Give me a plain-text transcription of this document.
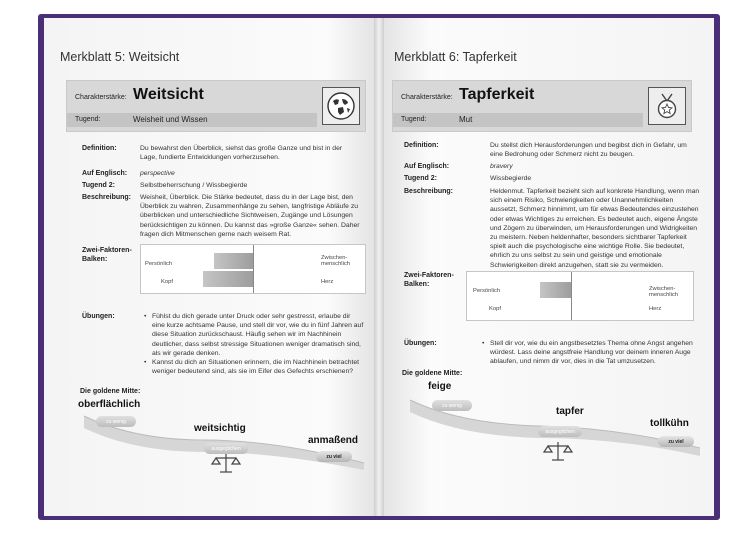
Merkblatt 5: Weitsicht
Charakterstärke: Weitsicht
Tugend:	Weisheit und Wissen
Definition:	Du bewahrst den Überblick, siehst das große Ganze und bist in der Lage, fundierte Entwicklungen vorherzusehen.
Auf Englisch: perspective
Tugend 2:	Selbstbeherrschung / Wissbegierde
Beschreibung: Weisheit, Überblick. Die Stärke bedeutet, dass du in der Lage bist, den Überblick zu wahren, Zusammenhänge zu sehen, langfristige Abläufe zu überblicken und unterschiedliche Sichtweisen, Zugänge und Lösungen berücksichtigen zu können. Du kannst das »große Ganze« sehen. Daher fragen dich Mitmenschen gerne nach weisem Rat.
Zwei-Faktoren-Balken:
Persönlich
Kopf
Zwischen-menschlich
Herz
Übungen:	• Fühlst du dich gerade unter Druck oder sehr gestresst, erlaube dir eine kurze achtsame Pause, und stell dir vor, wie du in fünf Jahren auf diese Situation zurückschaust. Häufig sehen wir im Nachhinein deutlicher, dass selbst stressige Situationen weniger dramatisch sind, als wir gerade denken.
• Kannst du dich an Situationen erinnern, die im Nachhinein betrachtet weniger bedeutend sind, als sie im Eifer des Gefechts erschienen?
Die goldene Mitte:
oberflächlich
weitsichtig
anmaßend
zu wenig
ausgeglichen
zu viel
Merkblatt 6: Tapferkeit
Charakterstärke: Tapferkeit
Tugend:	Mut
Definition:	Du stellst dich Herausforderungen und begibst dich in Gefahr, um eine Bedrohung oder Schmerz nicht zu beugen.
Auf Englisch:	bravery
Tugend 2:	Wissbegierde
Beschreibung:	Heldenmut. Tapferkeit bezieht sich auf konkrete Handlung, wenn man sich einem Risiko, Schwierigkeiten oder Unannehmlichkeiten aussetzt, Schmerz hinnimmt, um für etwas Bedeutendes einzustehen oder etwas Wichtiges zu erreichen. Es bedeutet auch, eigene Ängste und Zögern zu überwinden, um Herausforderungen und Widrigkeiten zu meistern. Neben heldenhafter, besonders sichtbarer Tapferkeit spielt auch die psychologische eine wichtige Rolle. Sie bedeutet, ehrlich zu uns selbst zu sein und geistige und emotionale Schwierigkeiten direkt anzugehen, statt sie zu vermeiden.
Zwei-Faktoren-Balken:
Persönlich
Kopf
Zwischen-menschlich
Herz
Übungen:	• Stell dir vor, wie du ein angstbesetztes Thema ohne Angst angehen würdest. Lass deine angstfreie Handlung vor deinem inneren Auge ablaufen, und nimm dir vor, dies in die Tat umzusetzen.
Die goldene Mitte:
feige
tapfer
tollkühn
zu wenig
ausgeglichen
zu viel
